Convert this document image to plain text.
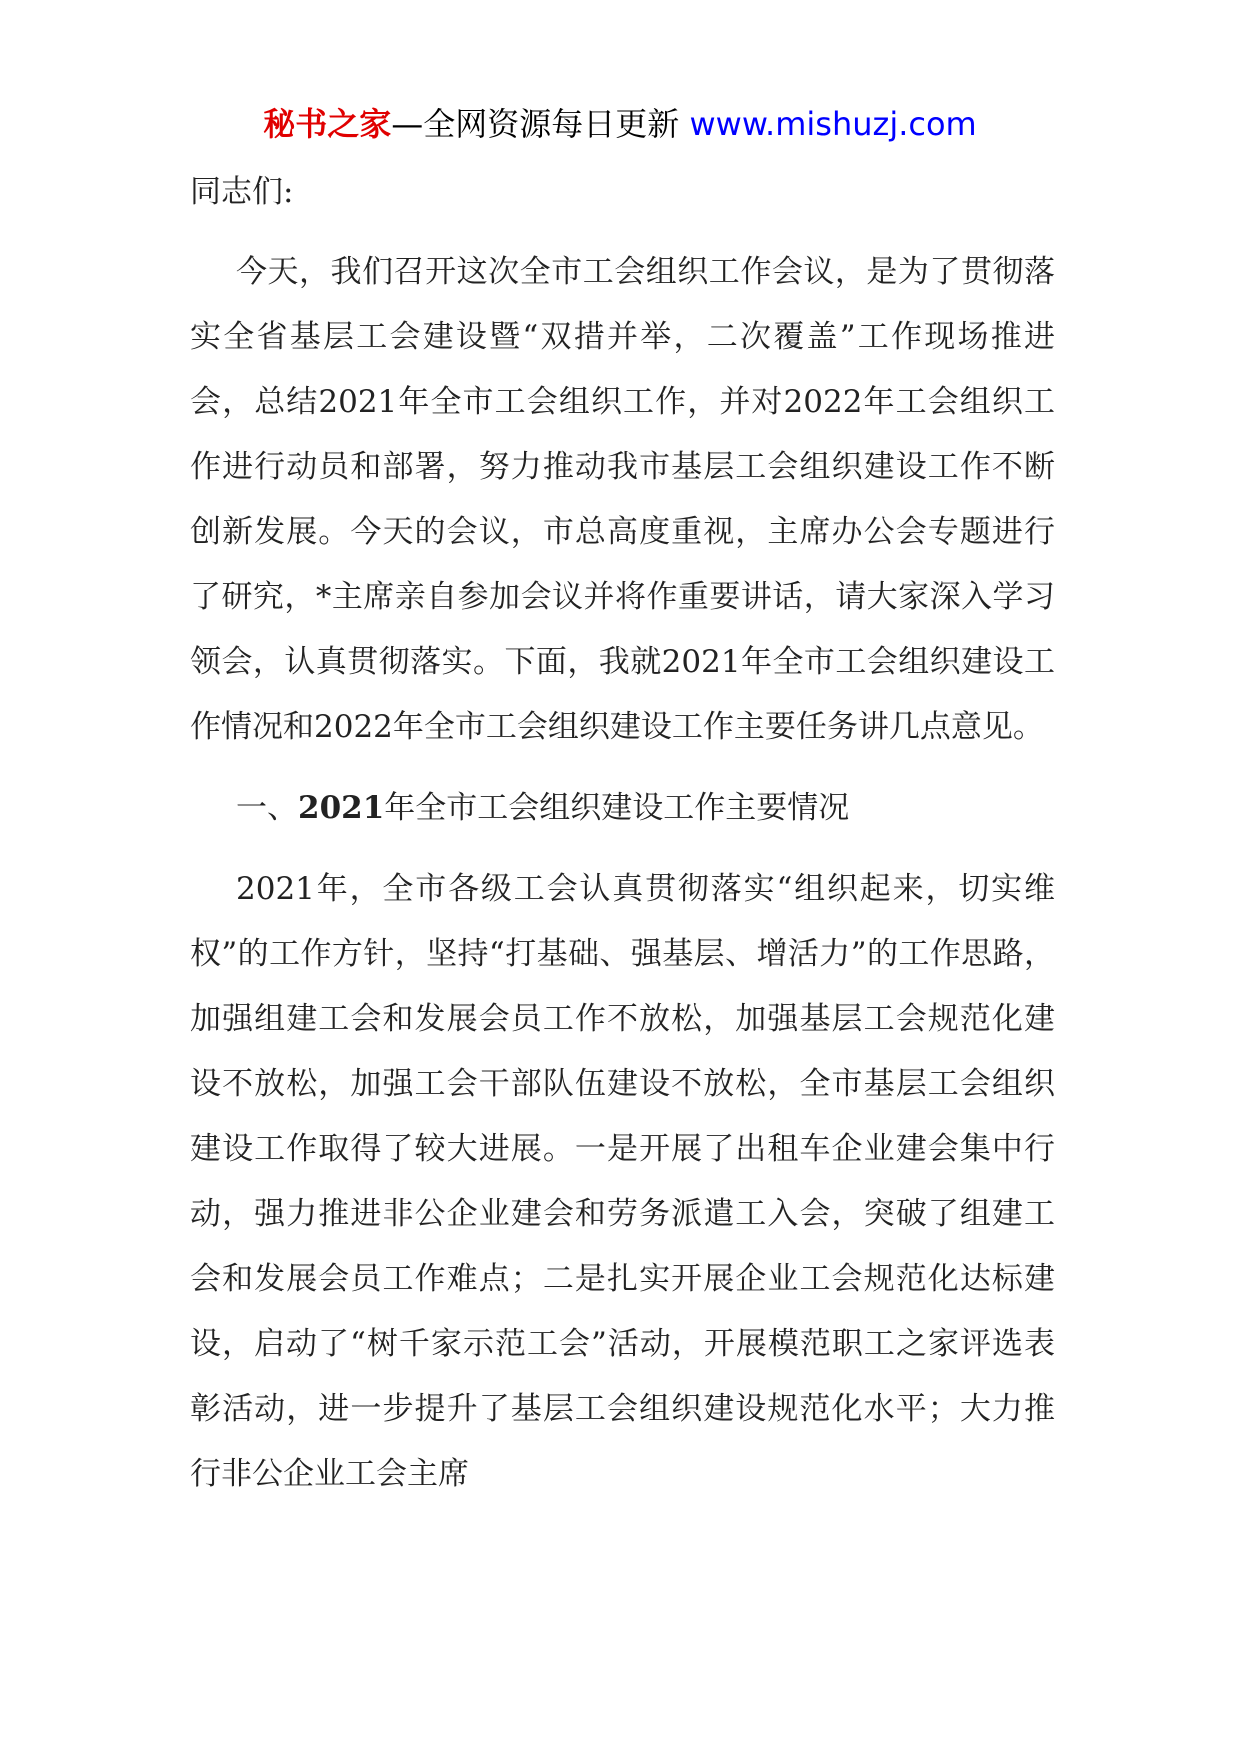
秘书之家—全网资源每日更新 www.mishuzj.com

同志们:

今天，我们召开这次全市工会组织工作会议，是为了贯彻落实全省基层工会建设暨“双措并举，二次覆盖”工作现场推进会，总结2021年全市工会组织工作，并对2022年工会组织工作进行动员和部署，努力推动我市基层工会组织建设工作不断创新发展。今天的会议，市总高度重视，主席办公会专题进行了研究，*主席亲自参加会议并将作重要讲话，请大家深入学习领会，认真贯彻落实。下面，我就2021年全市工会组织建设工作情况和2022年全市工会组织建设工作主要任务讲几点意见。

一、2021年全市工会组织建设工作主要情况

2021年，全市各级工会认真贯彻落实“组织起来，切实维权”的工作方针，坚持“打基础、强基层、增活力”的工作思路，加强组建工会和发展会员工作不放松，加强基层工会规范化建设不放松，加强工会干部队伍建设不放松，全市基层工会组织建设工作取得了较大进展。一是开展了出租车企业建会集中行动，强力推进非公企业建会和劳务派遣工入会，突破了组建工会和发展会员工作难点；二是扎实开展企业工会规范化达标建设，启动了“树千家示范工会”活动，开展模范职工之家评选表彰活动，进一步提升了基层工会组织建设规范化水平；大力推行非公企业工会主席
